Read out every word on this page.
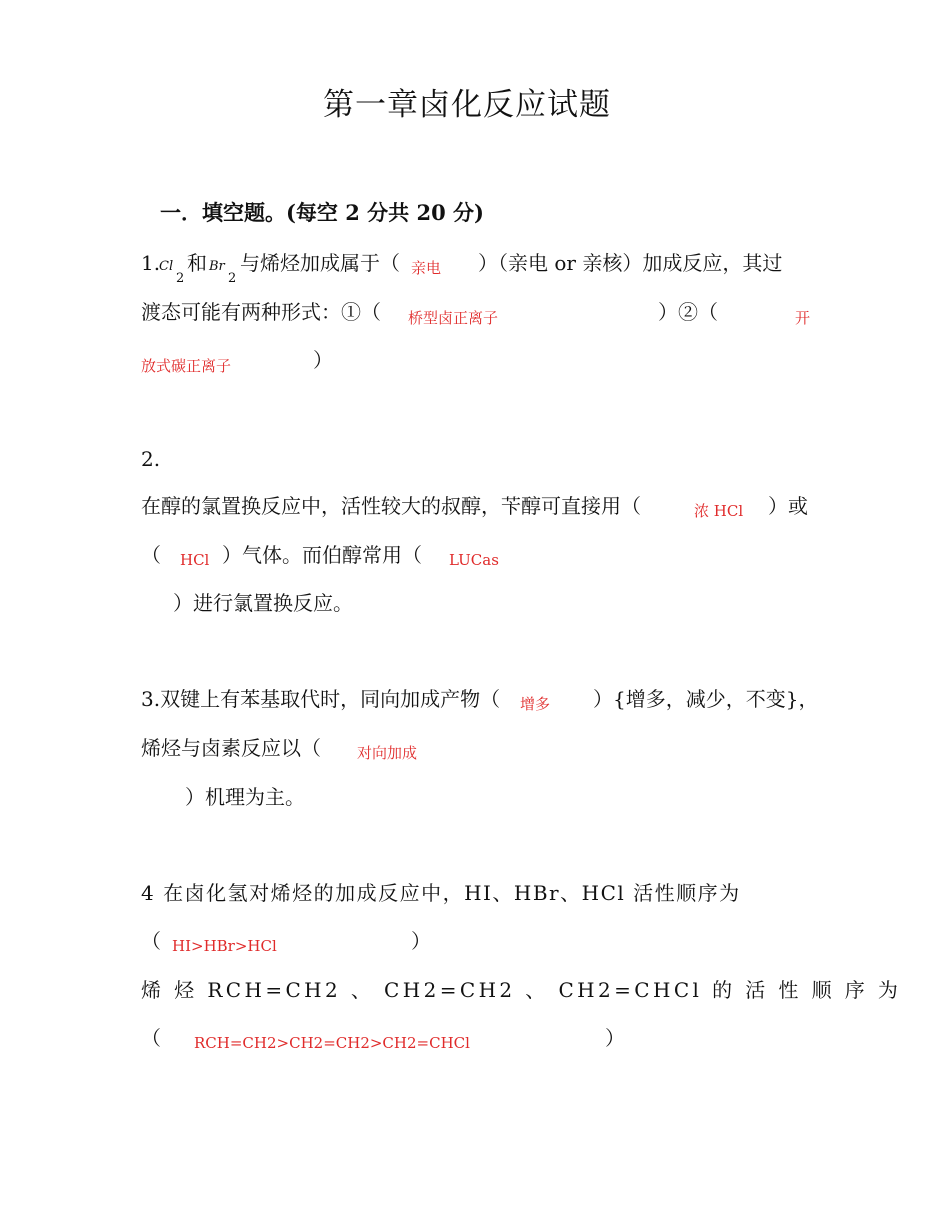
第一章卤化反应试题
一．填空题。(每空 2 分共 20 分)
1.
Cl
2
和 Br
2
与烯烃加成属于（ 亲电 ）（亲电 or 亲核）加成反应，其过
渡态可能有两种形式：①（ 桥型卤正离子	）②（	开
放式碳正离子	）
2.
在醇的氯置换反应中，活性较大的叔醇，苄醇可直接用（	浓 HCl ）或
（ HCl ）气体。而伯醇常用（ LUCas
）进行氯置换反应。
3.双键上有苯基取代时，同向加成产物（ 增多 ）{增多，减少，不变}，
烯烃与卤素反应以（ 对向加成
）机理为主。
4 在卤化氢对烯烃的加成反应中，HI、HBr、HCl 活性顺序为
（ HI>HBr>HCl	）
烯 烃 RCH=CH2 、 CH2=CH2 、 CH2=CHCl 的 活 性 顺 序 为
（ RCH=CH2>CH2=CH2>CH2=CHCl	）
